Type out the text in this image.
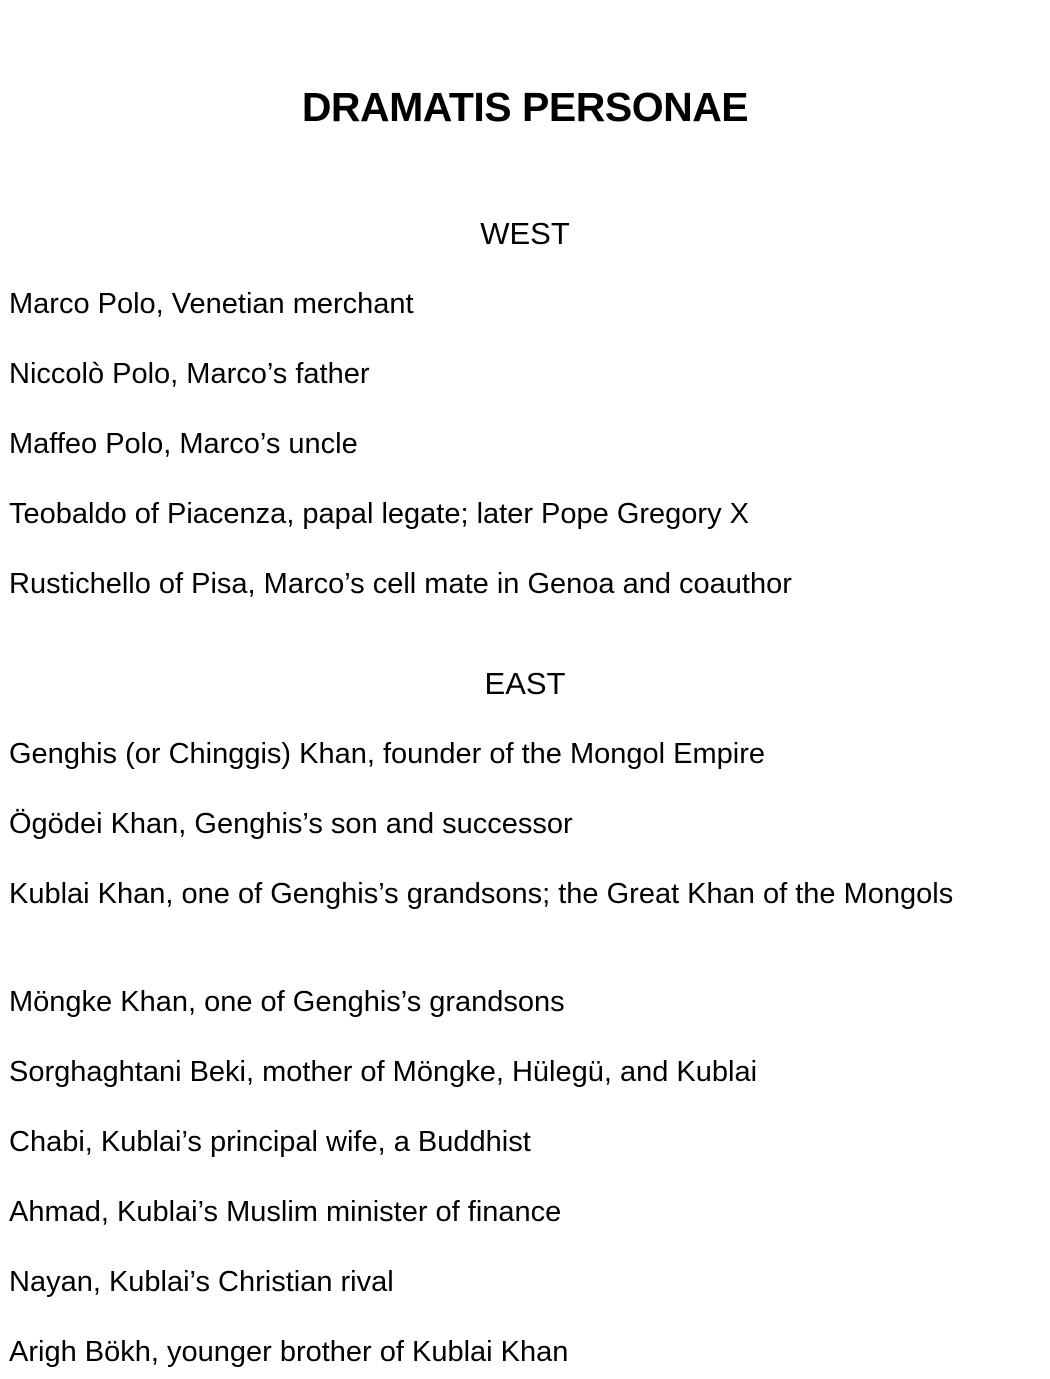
DRAMATIS PERSONAE
WEST

Marco Polo, Venetian merchant

Niccolò Polo, Marco’s father

Maffeo Polo, Marco’s uncle

Teobaldo of Piacenza, papal legate; later Pope Gregory X

Rustichello of Pisa, Marco’s cell mate in Genoa and coauthor

EAST

Genghis (or Chinggis) Khan, founder of the Mongol Empire

Ögödei Khan, Genghis’s son and successor

Kublai Khan, one of Genghis’s grandsons; the Great Khan of the Mongols

Möngke Khan, one of Genghis’s grandsons

Sorghaghtani Beki, mother of Möngke, Hülegü, and Kublai

Chabi, Kublai’s principal wife, a Buddhist

Ahmad, Kublai’s Muslim minister of finance

Nayan, Kublai’s Christian rival

Arigh Bökh, younger brother of Kublai Khan
